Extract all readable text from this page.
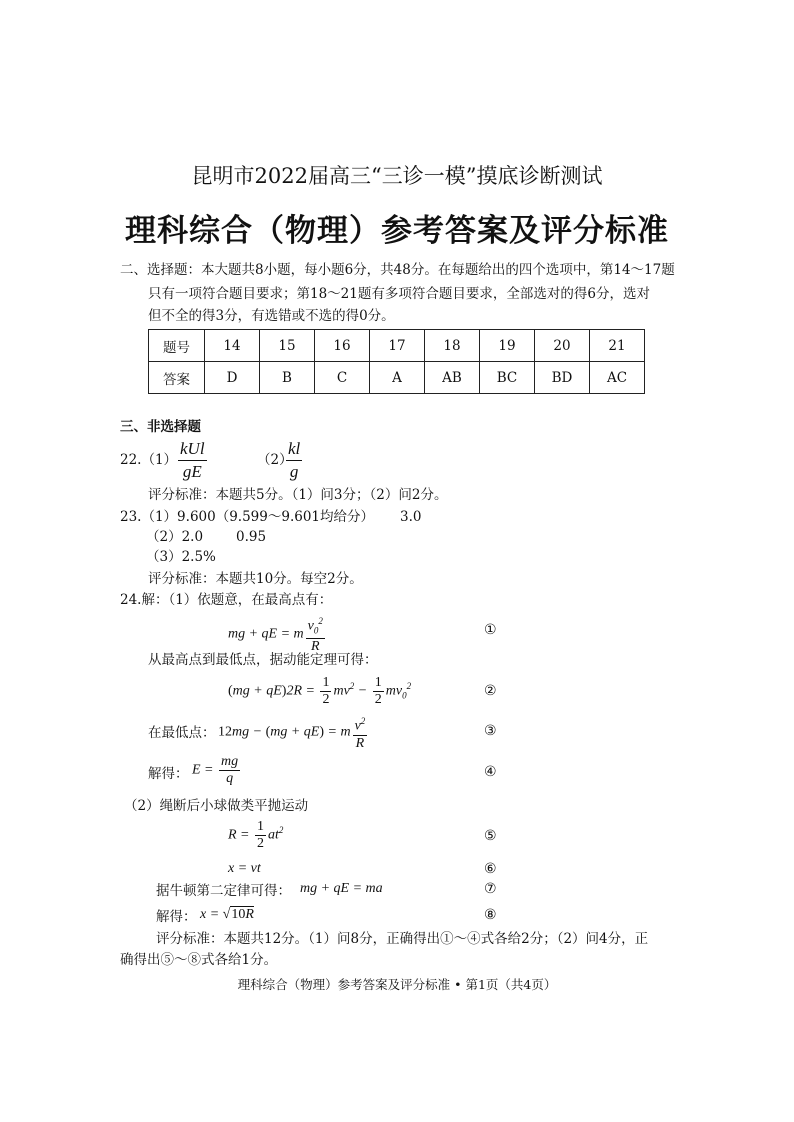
昆明市2022届高三“三诊一模”摸底诊断测试
理科综合（物理）参考答案及评分标准
二、选择题：本大题共8小题，每小题6分，共48分。在每题给出的四个选项中，第14～17题
只有一项符合题目要求；第18～21题有多项符合题目要求，全部选对的得6分，选对
但不全的得3分，有选错或不选的得0分。
题号	14	15	16	17	18	19	20	21
答案	D	B	C	A	AB	BC	BD	AC
三、非选择题
$22.(1) \frac{\text{kUl}}{gE}$	（2）
$\frac{kl}{g}$
评分标准：本题共5分。（1）问3分；（2）问2分。
23.（1）9.600（9.599～9.601均给分） 3.0
（2）2.0 0.95
（3）2.5%
评分标准：本题共10分。每空2分。
24.解：（1）依题意，在最高点有：
mg + qE = m $\frac{v_0^2}{R}$	①
从最高点到最低点，据动能定理可得：
$(mg + qE)2R = \frac{1}{2} mv^2 - \frac{1}{2} mv_0^2$	②
在最低点： 12mg − (mg + qE) = m $\frac{v^2}{R}$	③
解得： $E = \frac{mg}{q}$	④
（2）绳断后小球做类平抛运动
$R = \frac{1}{2} at^2$	⑤
x = vt	⑥
据牛顿第二定律可得： mg + qE = ma	⑦
解得： x = √10R	⑧
评分标准：本题共12分。（1）问8分，正确得出①～④式各给2分；（2）问4分，正
确得出⑤～⑧式各给1分。
理科综合（物理）参考答案及评分标准 • 第1页（共4页）
